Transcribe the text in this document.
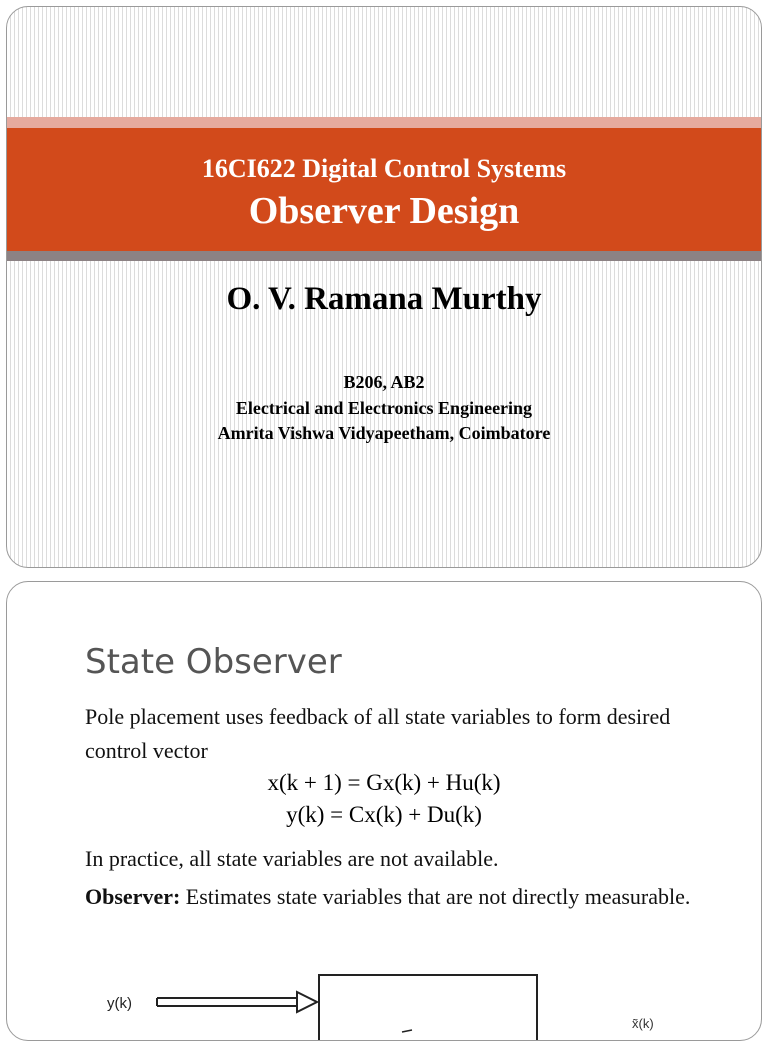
16CI622 Digital Control Systems
Observer Design
O. V. Ramana Murthy
B206, AB2
Electrical and Electronics Engineering
Amrita Vishwa Vidyapeetham, Coimbatore
State Observer
Pole placement uses feedback of all state variables to form desired control vector
x(k + 1) = Gx(k) + Hu(k)
y(k) = Cx(k) + Du(k)
In practice, all state variables are not available.
Observer: Estimates state variables that are not directly measurable.
y(k)
x̃(k)
